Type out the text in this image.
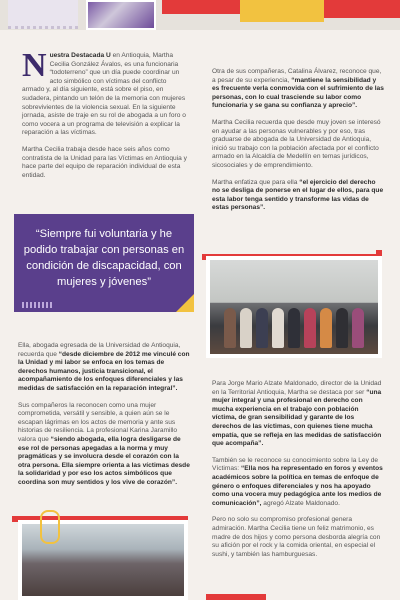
Nuestra Destacada U en Antioquia, Martha Cecilia González Ávalos, es una funcionaria “todoterreno” que un día puede coordinar un acto simbólico con víctimas del conflicto armado y, al día siguiente, está sobre el piso, en sudadera, pintando un telón de la memoria con mujeres sobrevivientes de la violencia sexual. En la siguiente jornada, asiste de traje en su rol de abogada a un foro o como vocera a un programa de televisión a explicar la reparación a las víctimas.

Martha Cecilia trabaja desde hace seis años como contratista de la Unidad para las Víctimas en Antioquia y hace parte del equipo de reparación individual de esta entidad.

Otra de sus compañeras, Catalina Álvarez, reconoce que, a pesar de su experiencia, “mantiene la sensibilidad y es frecuente verla conmovida con el sufrimiento de las personas, con lo cual trasciende su labor como funcionaria y se gana su confianza y aprecio”.

Martha Cecilia recuerda que desde muy joven se interesó en ayudar a las personas vulnerables y por eso, tras graduarse de abogada de la Universidad de Antioquia, inició su trabajo con la población afectada por el conflicto armado en la Alcaldía de Medellín en temas jurídicos, sicosociales y de emprendimiento.

Martha enfatiza que para ella “el ejercicio del derecho no se desliga de ponerse en el lugar de ellos, para que esta labor tenga sentido y transforme las vidas de estas personas”.

“Siempre fui voluntaria y he podido trabajar con personas en condición de discapacidad, con mujeres y jóvenes”

Ella, abogada egresada de la Universidad de Antioquia, recuerda que “desde diciembre de 2012 me vinculé con la Unidad y mi labor se enfoca en los temas de derechos humanos, justicia transicional, el acompañamiento de los enfoques diferenciales y las medidas de satisfacción en la reparación integral”.

Sus compañeros la reconocen como una mujer comprometida, versátil y sensible, a quien aún se le escapan lágrimas en los actos de memoria y ante sus historias de resiliencia. La profesional Karina Jaramillo valora que “siendo abogada, ella logra desligarse de ese rol de personas apegadas a la norma y muy pragmáticas y se involucra desde el corazón con la otra persona. Ella siempre orienta a las víctimas desde la solidaridad y por eso los actos simbólicos que coordina son muy sentidos y los vive de corazón”.

Para Jorge Mario Alzate Maldonado, director de la Unidad en la Territorial Antioquia, Martha se destaca por ser “una mujer integral y una profesional en derecho con mucha experiencia en el trabajo con población víctima, de gran sensibilidad y garante de los derechos de las víctimas, con quienes tiene mucha empatía, que se refleja en las medidas de satisfacción que acompaña”.

También se le reconoce su conocimiento sobre la Ley de Víctimas: “Ella nos ha representado en foros y eventos académicos sobre la política en temas de enfoque de género o enfoques diferenciales y nos ha apoyado como una vocera muy pedagógica ante los medios de comunicación”, agregó Alzate Maldonado.

Pero no solo su compromiso profesional genera admiración. Martha Cecilia tiene un feliz matrimonio, es madre de dos hijos y como persona desborda alegría con su afición por el rock y la comida oriental, en especial el sushi, y también las hamburguesas.
